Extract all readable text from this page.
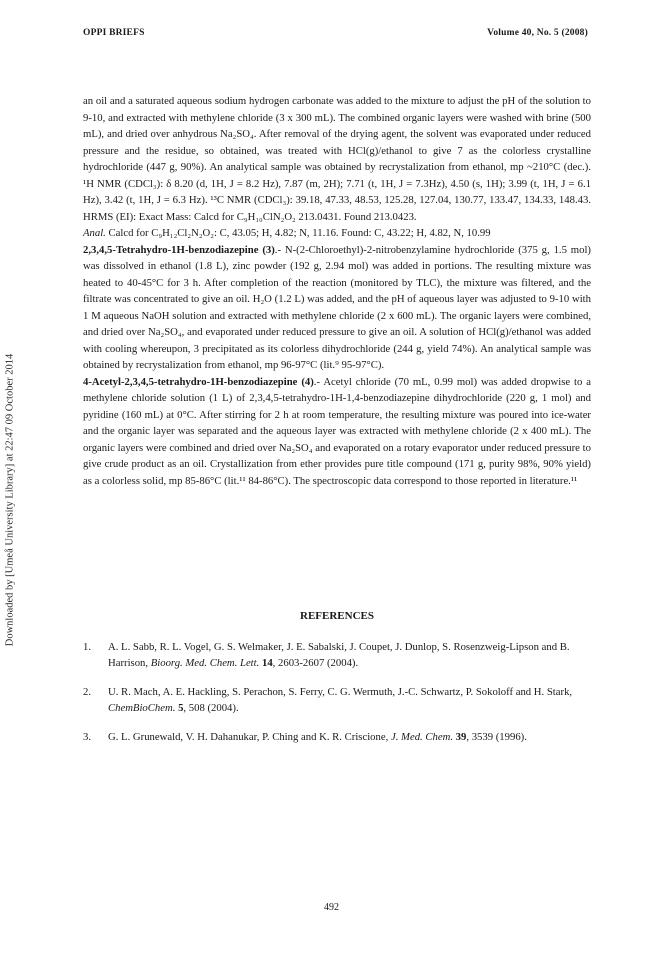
OPPI BRIEFS	Volume 40, No. 5 (2008)
Downloaded by [Umeå University Library] at 22:47 09 October 2014

an oil and a saturated aqueous sodium hydrogen carbonate was added to the mixture to adjust the pH of the solution to 9-10, and extracted with methylene chloride (3 x 300 mL). The combined organic layers were washed with brine (500 mL), and dried over anhydrous Na₂SO₄. After removal of the drying agent, the solvent was evaporated under reduced pressure and the residue, so obtained, was treated with HCl(g)/ethanol to give 7 as the colorless crystalline hydrochloride (447 g, 90%). An analytical sample was obtained by recrystalization from ethanol, mp ~210°C (dec.). ¹H NMR (CDCl₃): δ 8.20 (d, 1H, J = 8.2 Hz), 7.87 (m, 2H); 7.71 (t, 1H, J = 7.3Hz), 4.50 (s, 1H); 3.99 (t, 1H, J = 6.1 Hz), 3.42 (t, 1H, J = 6.3 Hz). ¹³C NMR (CDCl₃): 39.18, 47.33, 48.53, 125.28, 127.04, 130.77, 133.47, 134.33, 148.43. HRMS (EI): Exact Mass: Calcd for C₉H₁₀ClN₂O₂ 213.0431. Found 213.0423.

Anal. Calcd for C₉H₁₂Cl₂N₂O₂: C, 43.05; H, 4.82; N, 11.16. Found: C, 43.22; H, 4.82, N, 10.99

2,3,4,5-Tetrahydro-1H-benzodiazepine (3).- N-(2-Chloroethyl)-2-nitrobenzylamine hydrochloride (375 g, 1.5 mol) was dissolved in ethanol (1.8 L), zinc powder (192 g, 2.94 mol) was added in portions. The resulting mixture was heated to 40-45°C for 3 h. After completion of the reaction (monitored by TLC), the mixture was filtered, and the filtrate was concentrated to give an oil. H₂O (1.2 L) was added, and the pH of aqueous layer was adjusted to 9-10 with 1 M aqueous NaOH solution and extracted with methylene chloride (2 x 600 mL). The organic layers were combined, and dried over Na₂SO₄, and evaporated under reduced pressure to give an oil. A solution of HCl(g)/ethanol was added with cooling whereupon, 3 precipitated as its colorless dihydrochloride (244 g, yield 74%). An analytical sample was obtained by recrystalization from ethanol, mp 96-97°C (lit.⁹ 95-97°C).

4-Acetyl-2,3,4,5-tetrahydro-1H-benzodiazepine (4).- Acetyl chloride (70 mL, 0.99 mol) was added dropwise to a methylene chloride solution (1 L) of 2,3,4,5-tetrahydro-1H-1,4-benzodiazepine dihydrochloride (220 g, 1 mol) and pyridine (160 mL) at 0°C. After stirring for 2 h at room temperature, the resulting mixture was poured into ice-water and the organic layer was separated and the aqueous layer was extracted with methylene chloride (2 x 400 mL). The organic layers were combined and dried over Na₂SO₄ and evaporated on a rotary evaporator under reduced pressure to give crude product as an oil. Crystallization from ether provides pure title compound (171 g, purity 98%, 90% yield) as a colorless solid, mp 85-86°C (lit.¹¹ 84-86°C). The spectroscopic data correspond to those reported in literature.¹¹

REFERENCES
1. A. L. Sabb, R. L. Vogel, G. S. Welmaker, J. E. Sabalski, J. Coupet, J. Dunlop, S. Rosenzweig-Lipson and B. Harrison, Bioorg. Med. Chem. Lett. 14, 2603-2607 (2004).
2. U. R. Mach, A. E. Hackling, S. Perachon, S. Ferry, C. G. Wermuth, J.-C. Schwartz, P. Sokoloff and H. Stark, ChemBioChem. 5, 508 (2004).
3. G. L. Grunewald, V. H. Dahanukar, P. Ching and K. R. Criscione, J. Med. Chem. 39, 3539 (1996).
492
